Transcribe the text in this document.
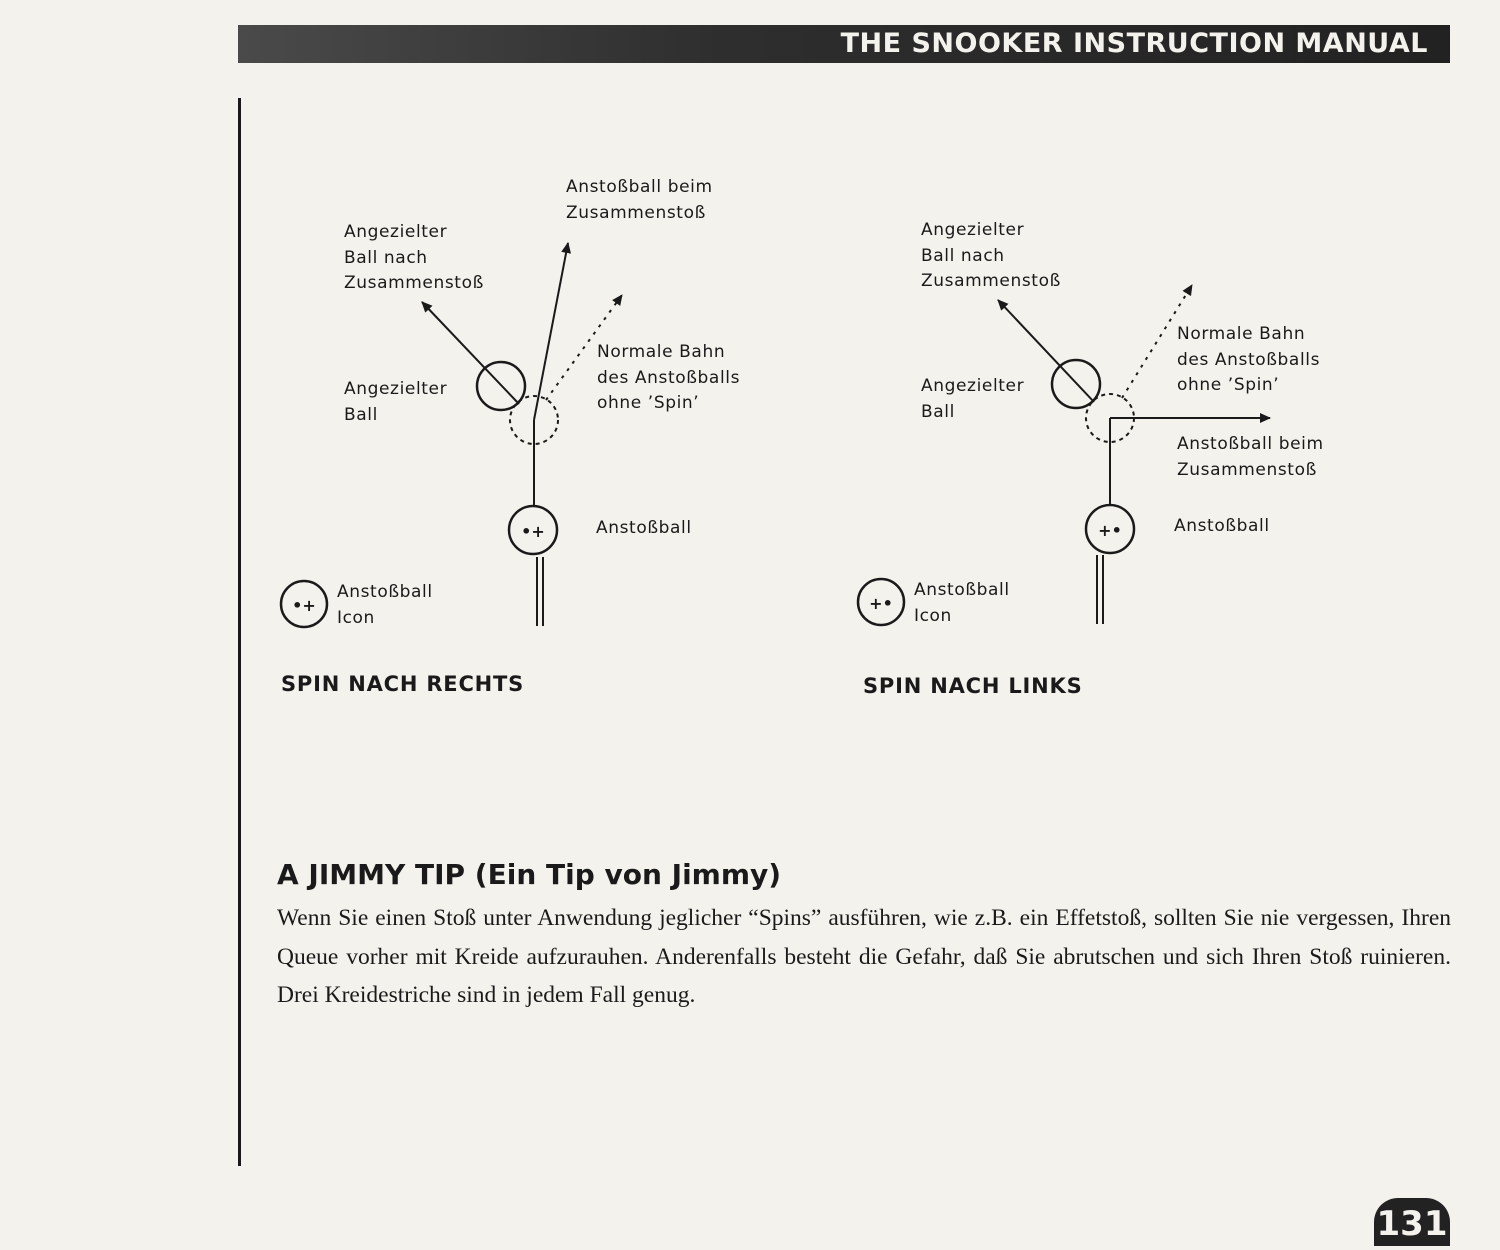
THE SNOOKER INSTRUCTION MANUAL
•+
•+
+•
+•
Angezielter
Ball nach
Zusammenstoß
Anstoßball beim
Zusammenstoß
Normale Bahn
des Anstoßballs
ohne ’Spin’
Angezielter
Ball
Anstoßball
Anstoßball
Icon
SPIN NACH RECHTS
Angezielter
Ball nach
Zusammenstoß
Normale Bahn
des Anstoßballs
ohne ’Spin’
Angezielter
Ball
Anstoßball beim
Zusammenstoß
Anstoßball
Anstoßball
Icon
SPIN NACH LINKS
A JIMMY TIP (Ein Tip von Jimmy)

Wenn Sie einen Stoß unter Anwendung jeglicher “Spins” ausführen, wie z.B. ein Effetstoß, sollten Sie nie vergessen, Ihren Queue vorher mit Kreide aufzurauhen. Anderenfalls besteht die Gefahr, daß Sie abrutschen und sich Ihren Stoß ruinieren. Drei Kreidestriche sind in jedem Fall genug.

131
